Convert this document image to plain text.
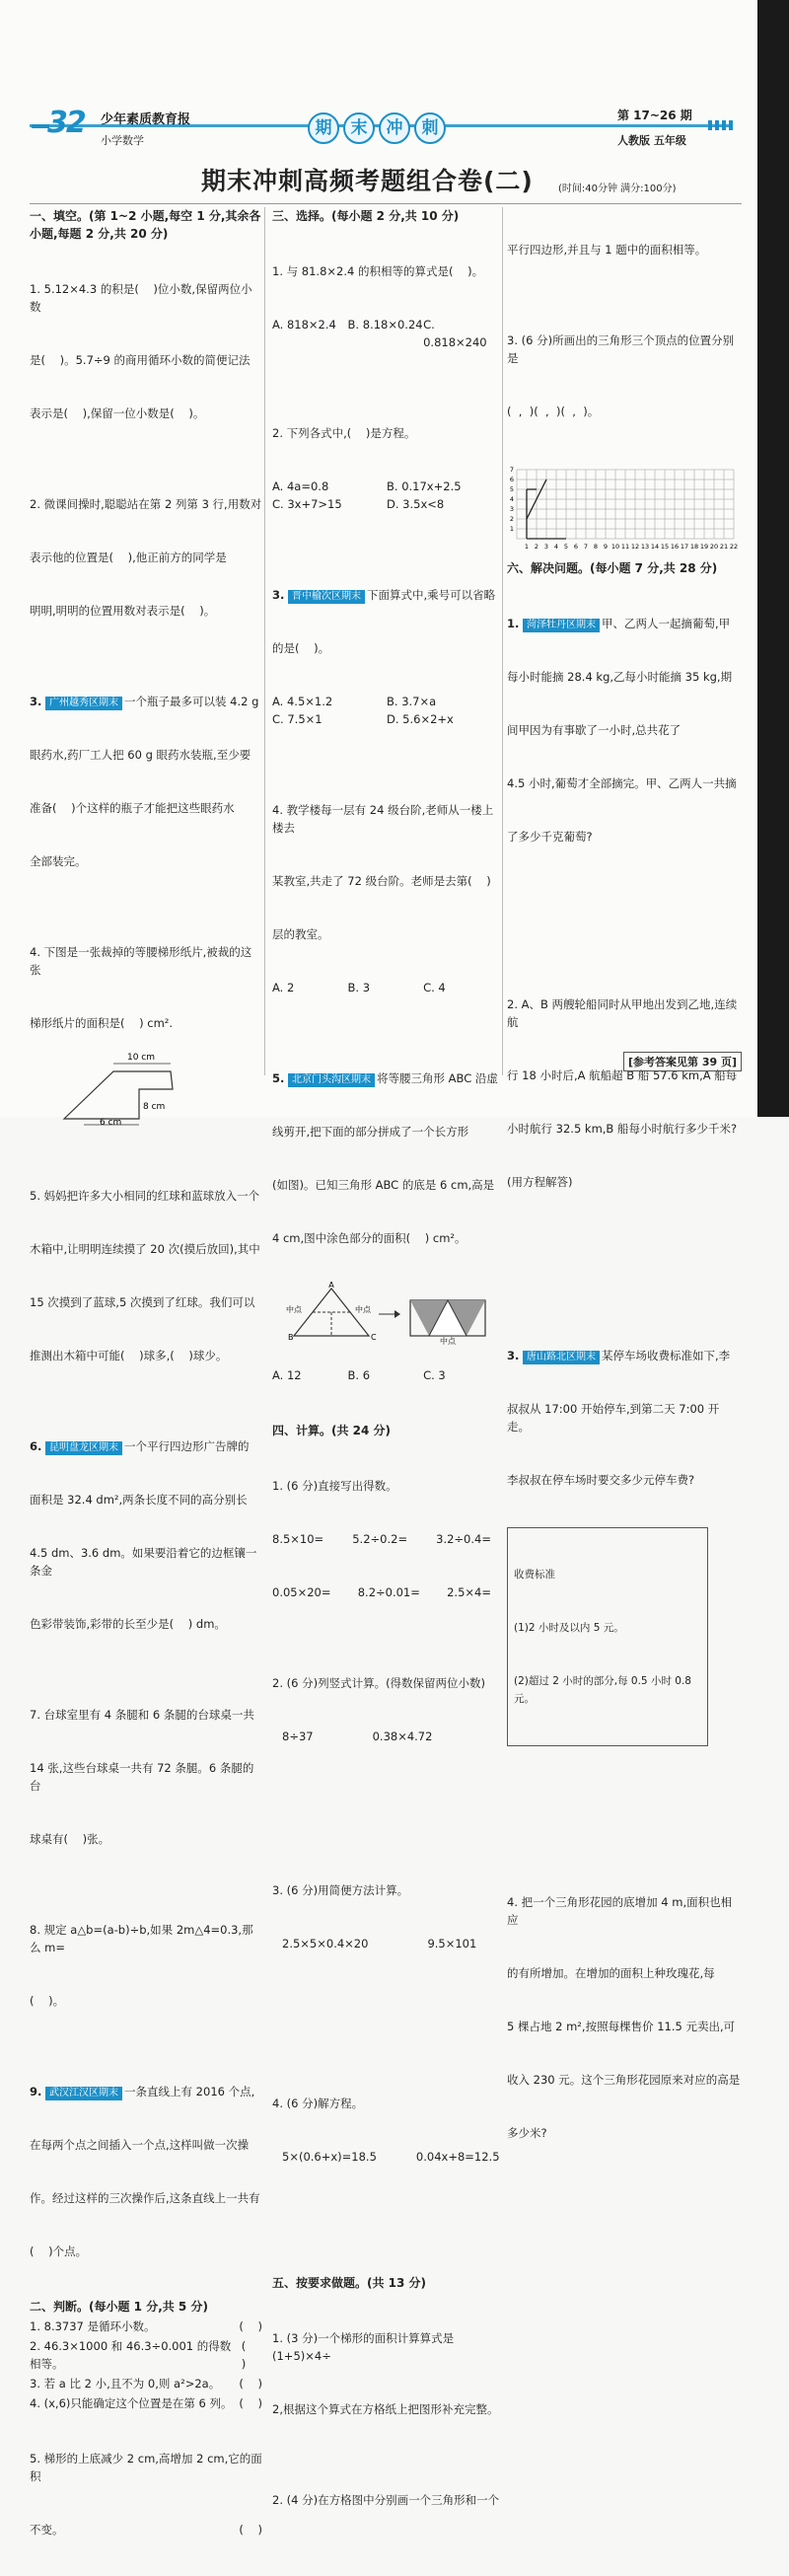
32 少年素质教育报
小学数学
期	末	冲	刺
第 17~26 期
人教版 五年级
期末冲刺高频考题组合卷(二)	(时间:40分钟 满分:100分)
一、填空。(第 1~2 小题,每空 1 分,其余各小题,每题 2 分,共 20 分)

1. 5.12×4.3 的积是(    )位小数,保留两位小数

是(    )。5.7÷9 的商用循环小数的简便记法

表示是(    ),保留一位小数是(    )。

2. 微课间操时,聪聪站在第 2 列第 3 行,用数对

表示他的位置是(    ),他正前方的同学是

明明,明明的位置用数对表示是(    )。

3. 广州越秀区期末 一个瓶子最多可以装 4.2 g

眼药水,药厂工人把 60 g 眼药水装瓶,至少要

准备(    )个这样的瓶子才能把这些眼药水

全部装完。

4. 下图是一张裁掉的等腰梯形纸片,被裁的这张

梯形纸片的面积是(    ) cm².

10 cm
8 cm
6 cm

5. 妈妈把许多大小相同的红球和蓝球放入一个

木箱中,让明明连续摸了 20 次(摸后放回),其中

15 次摸到了蓝球,5 次摸到了红球。我们可以

推测出木箱中可能(    )球多,(    )球少。

6. 昆明盘龙区期末 一个平行四边形广告牌的

面积是 32.4 dm²,两条长度不同的高分别长

4.5 dm、3.6 dm。如果要沿着它的边框镶一条金

色彩带装饰,彩带的长至少是(    ) dm。

7. 台球室里有 4 条腿和 6 条腿的台球桌一共

14 张,这些台球桌一共有 72 条腿。6 条腿的台

球桌有(    )张。

8. 规定 a△b=(a-b)÷b,如果 2m△4=0.3,那么 m=

(    )。

9. 武汉江汉区期末 一条直线上有 2016 个点,

在每两个点之间插入一个点,这样叫做一次操

作。经过这样的三次操作后,这条直线上一共有

(    )个点。

二、判断。(每小题 1 分,共 5 分)
1. 8.3737 是循环小数。	(    )
2. 46.3×1000 和 46.3÷0.001 的得数相等。
(    )
3. 若 a 比 2 小,且不为 0,则 a²>2a。 (    )
4. (x,6)只能确定这个位置是在第 6 列。 (    )

5. 梯形的上底减少 2 cm,高增加 2 cm,它的面积

不变。	(    )

三、选择。(每小题 2 分,共 10 分)

1. 与 81.8×2.4 的积相等的算式是(    )。

A. 818×2.4	B. 8.18×0.24 C. 0.818×240

2. 下列各式中,(    )是方程。

A. 4a=0.8	B. 0.17x+2.5
C. 3x+7>15	D. 3.5x<8

3. 晋中榆次区期末 下面算式中,乘号可以省略

的是(    )。

A. 4.5×1.2	B. 3.7×a
C. 7.5×1	D. 5.6×2+x

4. 教学楼每一层有 24 级台阶,老师从一楼上楼去

某教室,共走了 72 级台阶。老师是去第(    )

层的教室。

A. 2	B. 3	C. 4

5. 北京门头沟区期末 将等腰三角形 ABC 沿虚

线剪开,把下面的部分拼成了一个长方形

(如图)。已知三角形 ABC 的底是 6 cm,高是

4 cm,图中涂色部分的面积(    ) cm²。

A
B	C
中点	中点
中点

A. 12	B. 6	C. 3

四、计算。(共 24 分)

1. (6 分)直接写出得数。

8.5×10=	5.2÷0.2=	3.2÷0.4=

0.05×20= 8.2÷0.01= 2.5×4=

2. (6 分)列竖式计算。(得数保留两位小数)

8÷37	0.38×4.72

3. (6 分)用简便方法计算。

2.5×5×0.4×20	9.5×101

4. (6 分)解方程。

5×(0.6+x)=18.5	0.04x+8=12.5

五、按要求做题。(共 13 分)

1. (3 分)一个梯形的面积计算算式是(1+5)×4÷

2,根据这个算式在方格纸上把图形补充完整。

2. (4 分)在方格图中分别画一个三角形和一个

平行四边形,并且与 1 题中的面积相等。

3. (6 分)所画出的三角形三个顶点的位置分别是

(  ,  )(  ,  )(  ,  )。

1 2 3 4 5 6 7 8 9 10 11 12 13 14 15 16 17 18 19 20 21 22
1
2
3
4
5
6
7
六、解决问题。(每小题 7 分,共 28 分)

1. 菏泽牡丹区期末 甲、乙两人一起摘葡萄,甲

每小时能摘 28.4 kg,乙每小时能摘 35 kg,期

间甲因为有事歇了一小时,总共花了

4.5 小时,葡萄才全部摘完。甲、乙两人一共摘

了多少千克葡萄?

2. A、B 两艘轮船同时从甲地出发到乙地,连续航

行 18 小时后,A 航船超 B 船 57.6 km,A 船每

小时航行 32.5 km,B 船每小时航行多少千米?

(用方程解答)

3. 唐山路北区期末 某停车场收费标准如下,李

叔叔从 17:00 开始停车,到第二天 7:00 开走。

李叔叔在停车场时要交多少元停车费?

收费标准

(1)2 小时及以内 5 元。

(2)超过 2 小时的部分,每 0.5 小时 0.8 元。

4. 把一个三角形花园的底增加 4 m,面积也相应

的有所增加。在增加的面积上种玫瑰花,每

5 棵占地 2 m²,按照每棵售价 11.5 元卖出,可

收入 230 元。这个三角形花园原来对应的高是

多少米?

[参考答案见第 39 页]
